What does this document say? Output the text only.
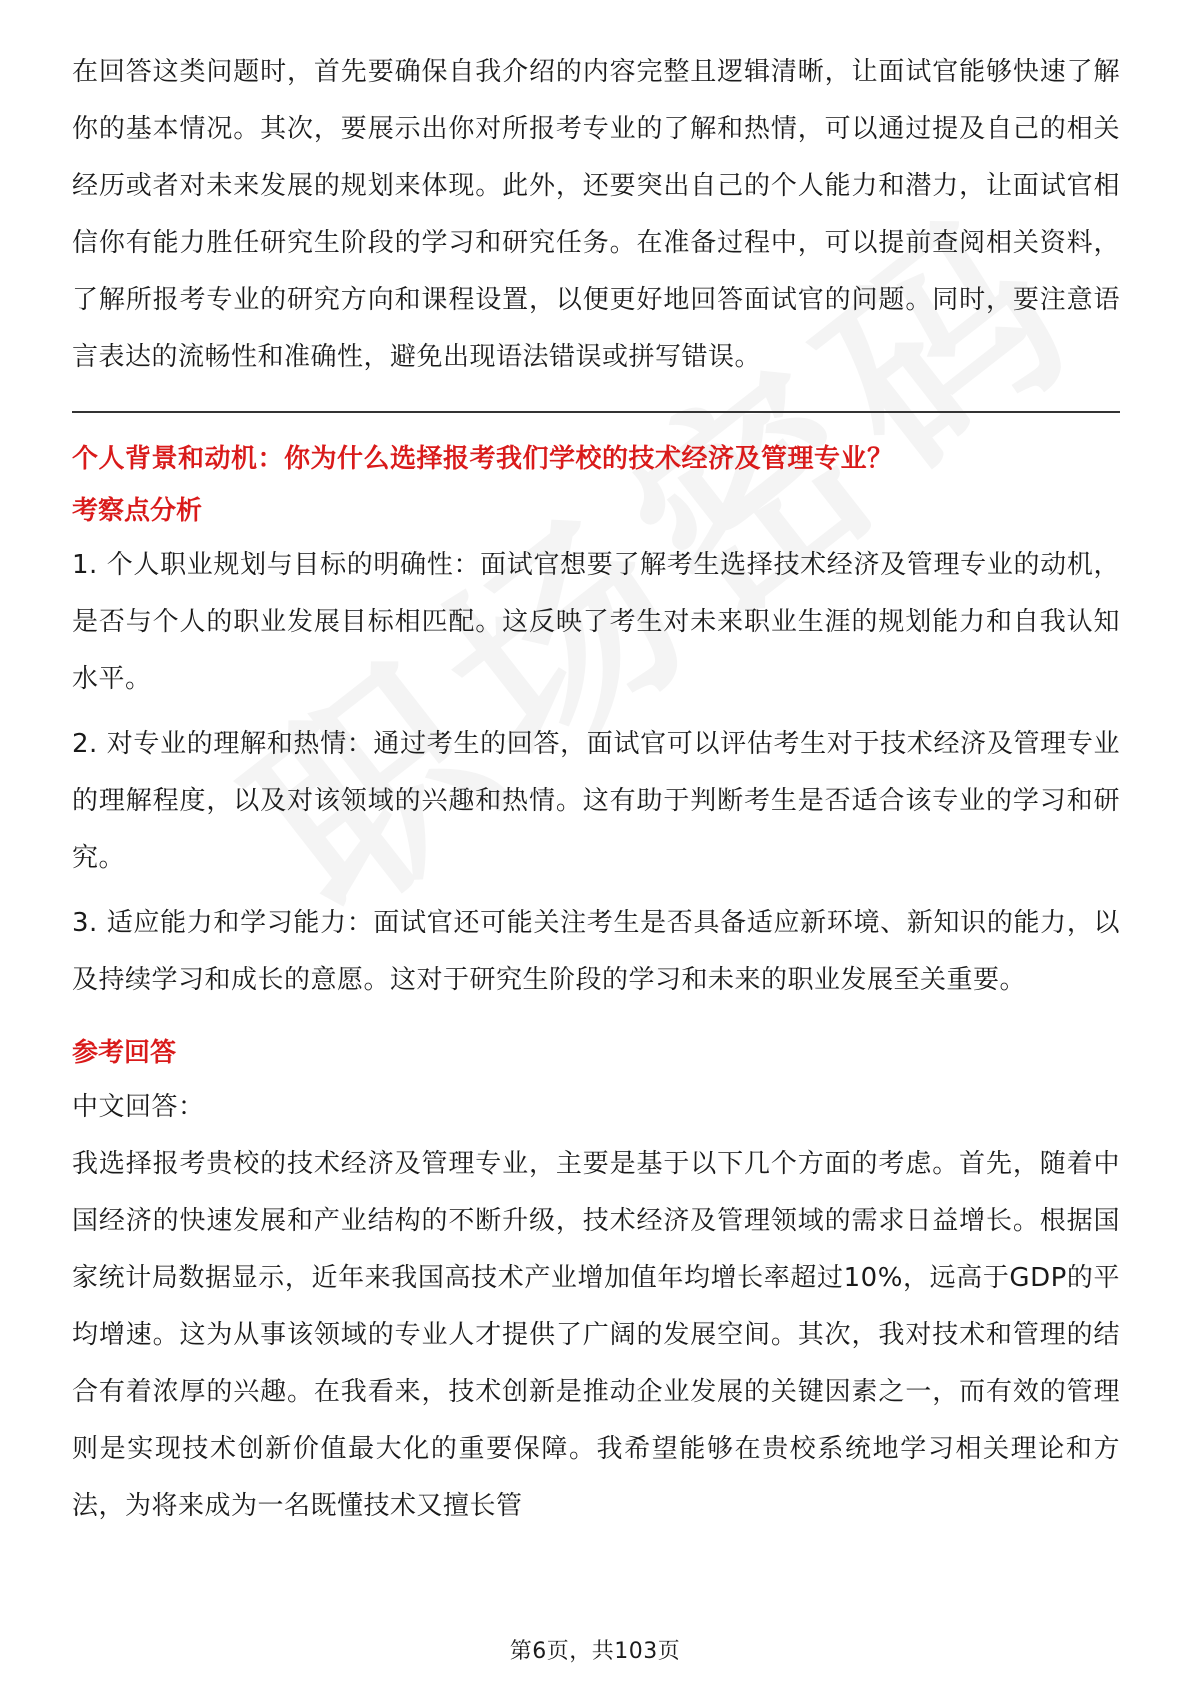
在回答这类问题时，首先要确保自我介绍的内容完整且逻辑清晰，让面试官能够快速了解你的基本情况。其次，要展示出你对所报考专业的了解和热情，可以通过提及自己的相关经历或者对未来发展的规划来体现。此外，还要突出自己的个人能力和潜力，让面试官相信你有能力胜任研究生阶段的学习和研究任务。在准备过程中，可以提前查阅相关资料，了解所报考专业的研究方向和课程设置，以便更好地回答面试官的问题。同时，要注意语言表达的流畅性和准确性，避免出现语法错误或拼写错误。

个人背景和动机：你为什么选择报考我们学校的技术经济及管理专业？

考察点分析

1. 个人职业规划与目标的明确性：面试官想要了解考生选择技术经济及管理专业的动机，是否与个人的职业发展目标相匹配。这反映了考生对未来职业生涯的规划能力和自我认知水平。

2. 对专业的理解和热情：通过考生的回答，面试官可以评估考生对于技术经济及管理专业的理解程度，以及对该领域的兴趣和热情。这有助于判断考生是否适合该专业的学习和研究。

3. 适应能力和学习能力：面试官还可能关注考生是否具备适应新环境、新知识的能力，以及持续学习和成长的意愿。这对于研究生阶段的学习和未来的职业发展至关重要。

参考回答

中文回答：

我选择报考贵校的技术经济及管理专业，主要是基于以下几个方面的考虑。首先，随着中国经济的快速发展和产业结构的不断升级，技术经济及管理领域的需求日益增长。根据国家统计局数据显示，近年来我国高技术产业增加值年均增长率超过10%，远高于GDP的平均增速。这为从事该领域的专业人才提供了广阔的发展空间。其次，我对技术和管理的结合有着浓厚的兴趣。在我看来，技术创新是推动企业发展的关键因素之一，而有效的管理则是实现技术创新价值最大化的重要保障。我希望能够在贵校系统地学习相关理论和方法，为将来成为一名既懂技术又擅长管

第6页，共103页
